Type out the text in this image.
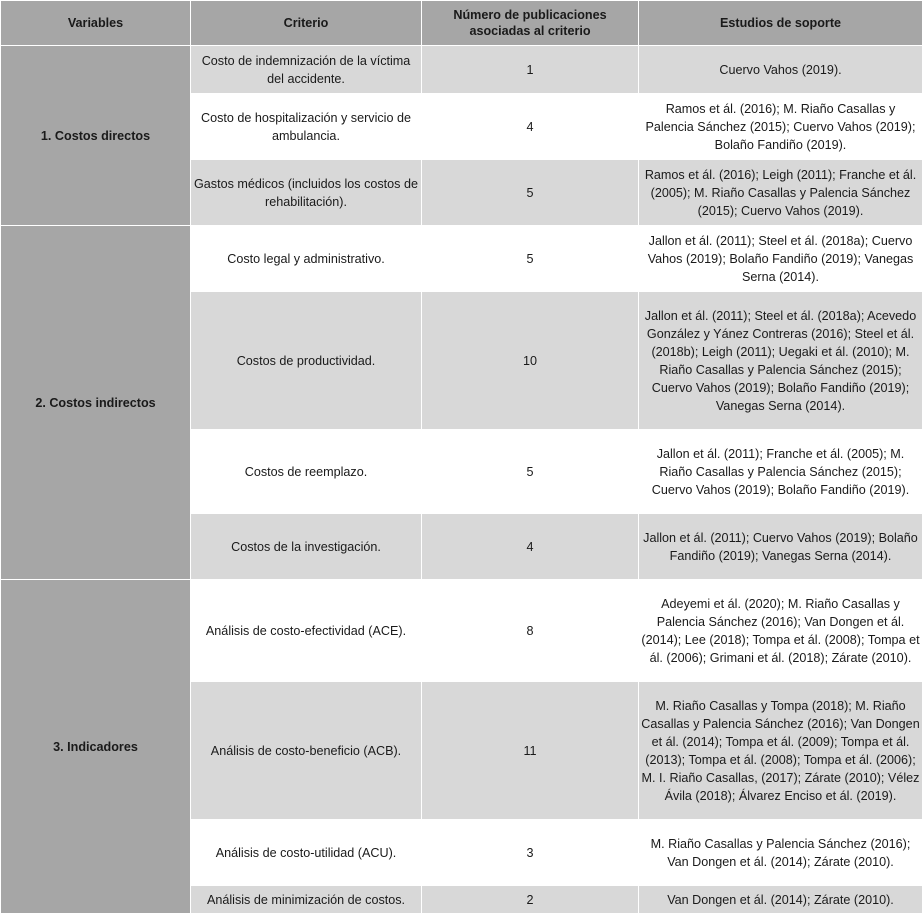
Variables	Criterio	Número de publicaciones asociadas al criterio	Estudios de soporte
1. Costos directos	Costo de indemnización de la víctima del accidente.	1	Cuervo Vahos (2019).
	Costo de hospitalización y servicio de ambulancia.	4	Ramos et ál. (2016); M. Riaño Casallas y Palencia Sánchez (2015); Cuervo Vahos (2019); Bolaño Fandiño (2019).
	Gastos médicos (incluidos los costos de rehabilitación).	5	Ramos et ál. (2016); Leigh (2011); Franche et ál. (2005); M. Riaño Casallas y Palencia Sánchez (2015); Cuervo Vahos (2019).
2. Costos indirectos	Costo legal y administrativo.	5	Jallon et ál. (2011); Steel et ál. (2018a); Cuervo Vahos (2019); Bolaño Fandiño (2019); Vanegas Serna (2014).
	Costos de productividad.	10	Jallon et ál. (2011); Steel et ál. (2018a); Acevedo González y Yánez Contreras (2016); Steel et ál. (2018b); Leigh (2011); Uegaki et ál. (2010); M. Riaño Casallas y Palencia Sánchez (2015); Cuervo Vahos (2019); Bolaño Fandiño (2019); Vanegas Serna (2014).
	Costos de reemplazo.	5	Jallon et ál. (2011); Franche et ál. (2005); M. Riaño Casallas y Palencia Sánchez (2015); Cuervo Vahos (2019); Bolaño Fandiño (2019).
	Costos de la investigación.	4	Jallon et ál. (2011); Cuervo Vahos (2019); Bolaño Fandiño (2019); Vanegas Serna (2014).
3. Indicadores	Análisis de costo-efectividad (ACE).	8	Adeyemi et ál. (2020); M. Riaño Casallas y Palencia Sánchez (2016); Van Dongen et ál. (2014); Lee (2018); Tompa et ál. (2008); Tompa et ál. (2006); Grimani et ál. (2018); Zárate (2010).
	Análisis de costo-beneficio (ACB).	11	M. Riaño Casallas y Tompa (2018); M. Riaño Casallas y Palencia Sánchez (2016); Van Dongen et ál. (2014); Tompa et ál. (2009); Tompa et ál. (2013); Tompa et ál. (2008); Tompa et ál. (2006); M. I. Riaño Casallas, (2017); Zárate (2010); Vélez Ávila (2018); Álvarez Enciso et ál. (2019).
	Análisis de costo-utilidad (ACU).	3	M. Riaño Casallas y Palencia Sánchez (2016); Van Dongen et ál. (2014); Zárate (2010).
	Análisis de minimización de costos.	2	Van Dongen et ál. (2014); Zárate (2010).
